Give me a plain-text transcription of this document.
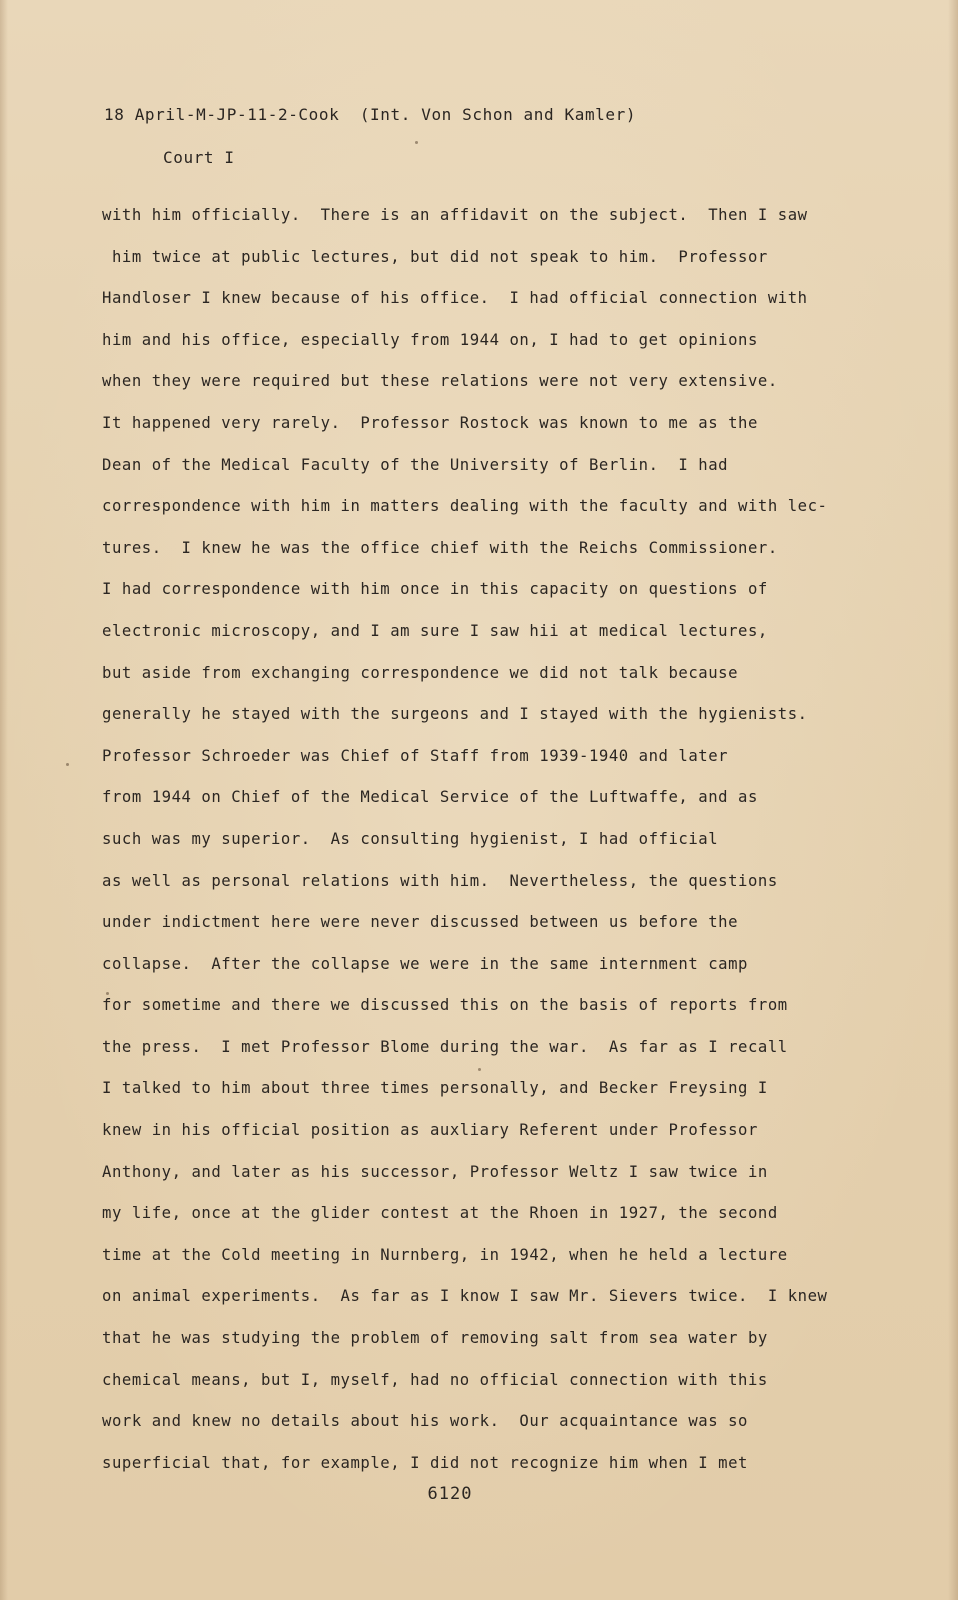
18 April-M-JP-11-2-Cook  (Int. Von Schon and Kamler)
Court I
with him officially.  There is an affidavit on the subject.  Then I saw
him twice at public lectures, but did not speak to him.  Professor
Handloser I knew because of his office.  I had official connection with
him and his office, especially from 1944 on, I had to get opinions
when they were required but these relations were not very extensive.
It happened very rarely.  Professor Rostock was known to me as the
Dean of the Medical Faculty of the University of Berlin.  I had
correspondence with him in matters dealing with the faculty and with lec-
tures.  I knew he was the office chief with the Reichs Commissioner.
I had correspondence with him once in this capacity on questions of
electronic microscopy, and I am sure I saw hii at medical lectures,
but aside from exchanging correspondence we did not talk because
generally he stayed with the surgeons and I stayed with the hygienists.
Professor Schroeder was Chief of Staff from 1939-1940 and later
from 1944 on Chief of the Medical Service of the Luftwaffe, and as
such was my superior.  As consulting hygienist, I had official
as well as personal relations with him.  Nevertheless, the questions
under indictment here were never discussed between us before the
collapse.  After the collapse we were in the same internment camp
for sometime and there we discussed this on the basis of reports from
the press.  I met Professor Blome during the war.  As far as I recall
I talked to him about three times personally, and Becker Freysing I
knew in his official position as auxliary Referent under Professor
Anthony, and later as his successor, Professor Weltz I saw twice in
my life, once at the glider contest at the Rhoen in 1927, the second
time at the Cold meeting in Nurnberg, in 1942, when he held a lecture
on animal experiments.  As far as I know I saw Mr. Sievers twice.  I knew
that he was studying the problem of removing salt from sea water by
chemical means, but I, myself, had no official connection with this
work and knew no details about his work.  Our acquaintance was so
superficial that, for example, I did not recognize him when I met
6120
